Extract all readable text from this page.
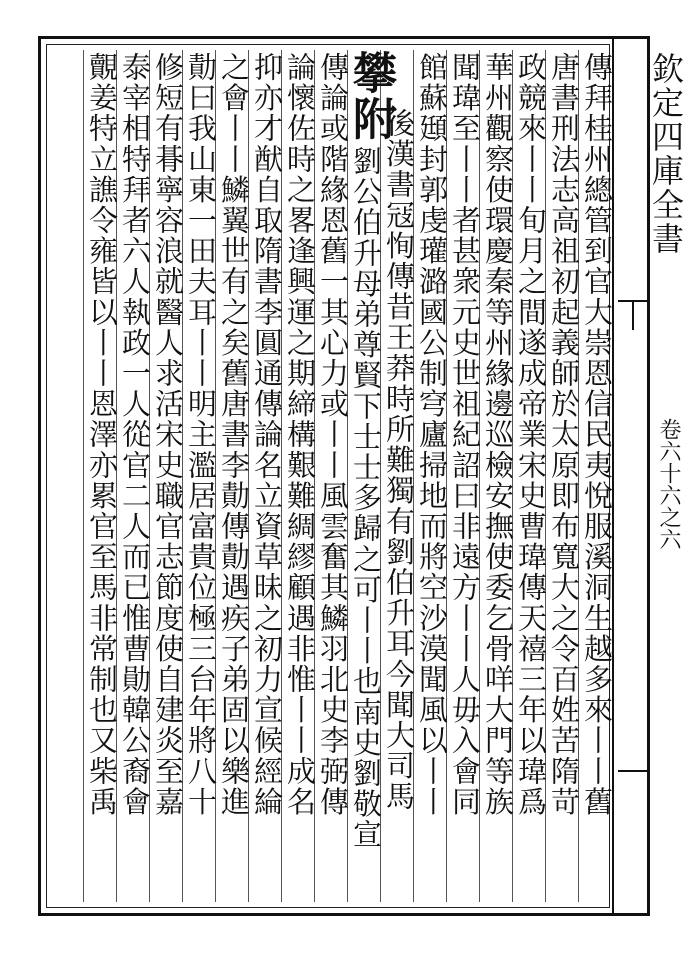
欽定四庫全書
卷六十六之六
傳拜桂州總管到官大崇恩信民夷悅服溪洞生越多來丨丨舊
唐書刑法志高祖初起義師於太原即布寬大之令百姓苦隋苛
政競來丨丨旬月之間遂成帝業宋史曹瑋傳天禧三年以瑋爲
華州觀察使環慶秦等州緣邊巡檢安撫使委乞骨咩大門等族
聞瑋至丨丨者甚衆元史世祖紀詔曰非遠方丨丨人毋入會同
館蘇頲封郭虔瓘潞國公制穹廬掃地而將空沙漠聞風以丨丨
攀附
後漢書冦恂傳昔王莽時所難獨有劉伯升耳今聞大司馬
劉公伯升母弟尊賢下士士多歸之可丨丨也南史劉敬宣
傳論或階緣恩舊一其心力或丨丨風雲奮其鱗羽北史李弼傳
論懷佐時之畧逢興運之期締構艱難綢繆顧遇非惟丨丨成名
抑亦才猷自取隋書李圓通傳論名立資草昧之初力宣候經綸
之會丨丨鱗翼世有之矣舊唐書李勣傳勣遇疾子弟固以樂進
勣曰我山東一田夫耳丨丨明主濫居富貴位極三台年將八十
修短有朞寧容浪就醫人求活宋史職官志節度使自建炎至嘉
泰宰相特拜者六人執政一人從官二人而已惟曹勛韓公裔會
覿姜特立譙令雍皆以丨丨恩澤亦累官至馬非常制也又柴禹
